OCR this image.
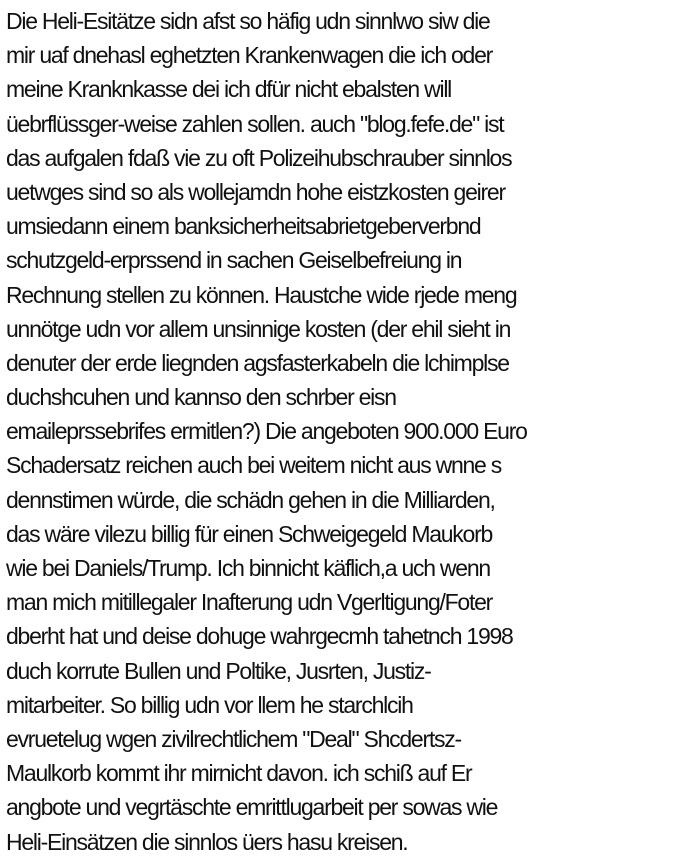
Die Heli-Esitätze sidn afst so häfig udn sinnlwo siw die
mir uaf dnehasl eghetzten Krankenwagen die ich oder
meine Kranknkasse dei ich dfür nicht ebalsten will
üebrflüssger-weise zahlen sollen. auch "blog.fefe.de" ist
das aufgalen fdaß vie zu oft Polizeihubschrauber sinnlos
uetwges sind so als wollejamdn hohe eistzkosten geirer
umsiedann einem banksicherheitsabrietgeberverbnd
schutzgeld-erprssend in sachen Geiselbefreiung in
Rechnung stellen zu können. Haustche wide rjede meng
unnötge udn vor allem unsinnige kosten (der ehil sieht in
denuter der erde liegnden agsfasterkabeln die lchimplse
duchshcuhen und kannso den schrber eisn
emaileprssebrifes ermitlen?) Die angeboten 900.000 Euro
Schadersatz reichen auch bei weitem nicht aus wnne s
dennstimen würde, die schädn gehen in die Milliarden,
das wäre vilezu billig für einen Schweigegeld Maukorb
wie bei Daniels/Trump. Ich binnicht käflich,a uch wenn
man mich mitillegaler Inafterung udn Vgerltigung/Foter
dberht hat und deise dohuge wahrgecmh tahetnch 1998
duch korrute Bullen und Poltike, Jusrten, Justiz-
mitarbeiter. So billig udn vor llem he starchlcih
evruetelug wgen zivilrechtlichem "Deal" Shcdertsz-
Maulkorb kommt ihr mirnicht davon. ich schiß auf Er
angbote und vegrtäschte emrittlugarbeit per sowas wie
Heli-Einsätzen die sinnlos üers hasu kreisen.
